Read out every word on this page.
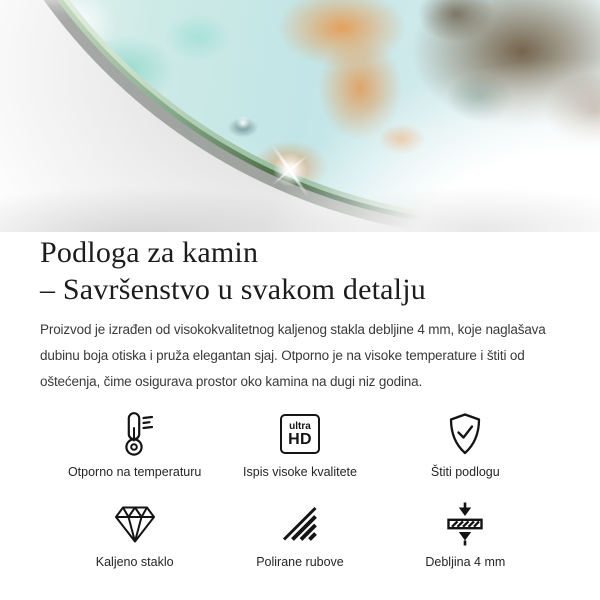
Podloga za kamin
– Savršenstvo u svakom detalju

Proizvod je izrađen od visokokvalitetnog kaljenog stakla debljine 4 mm, koje naglašava dubinu boja otiska i pruža elegantan sjaj. Otporno je na visoke temperature i štiti od oštećenja, čime osigurava prostor oko kamina na dugi niz godina.

Otporno na temperaturu
ultra
HD
Ispis visoke kvalitete	Štiti podlogu
Kaljeno staklo	Polirane rubove	Debljina 4 mm
